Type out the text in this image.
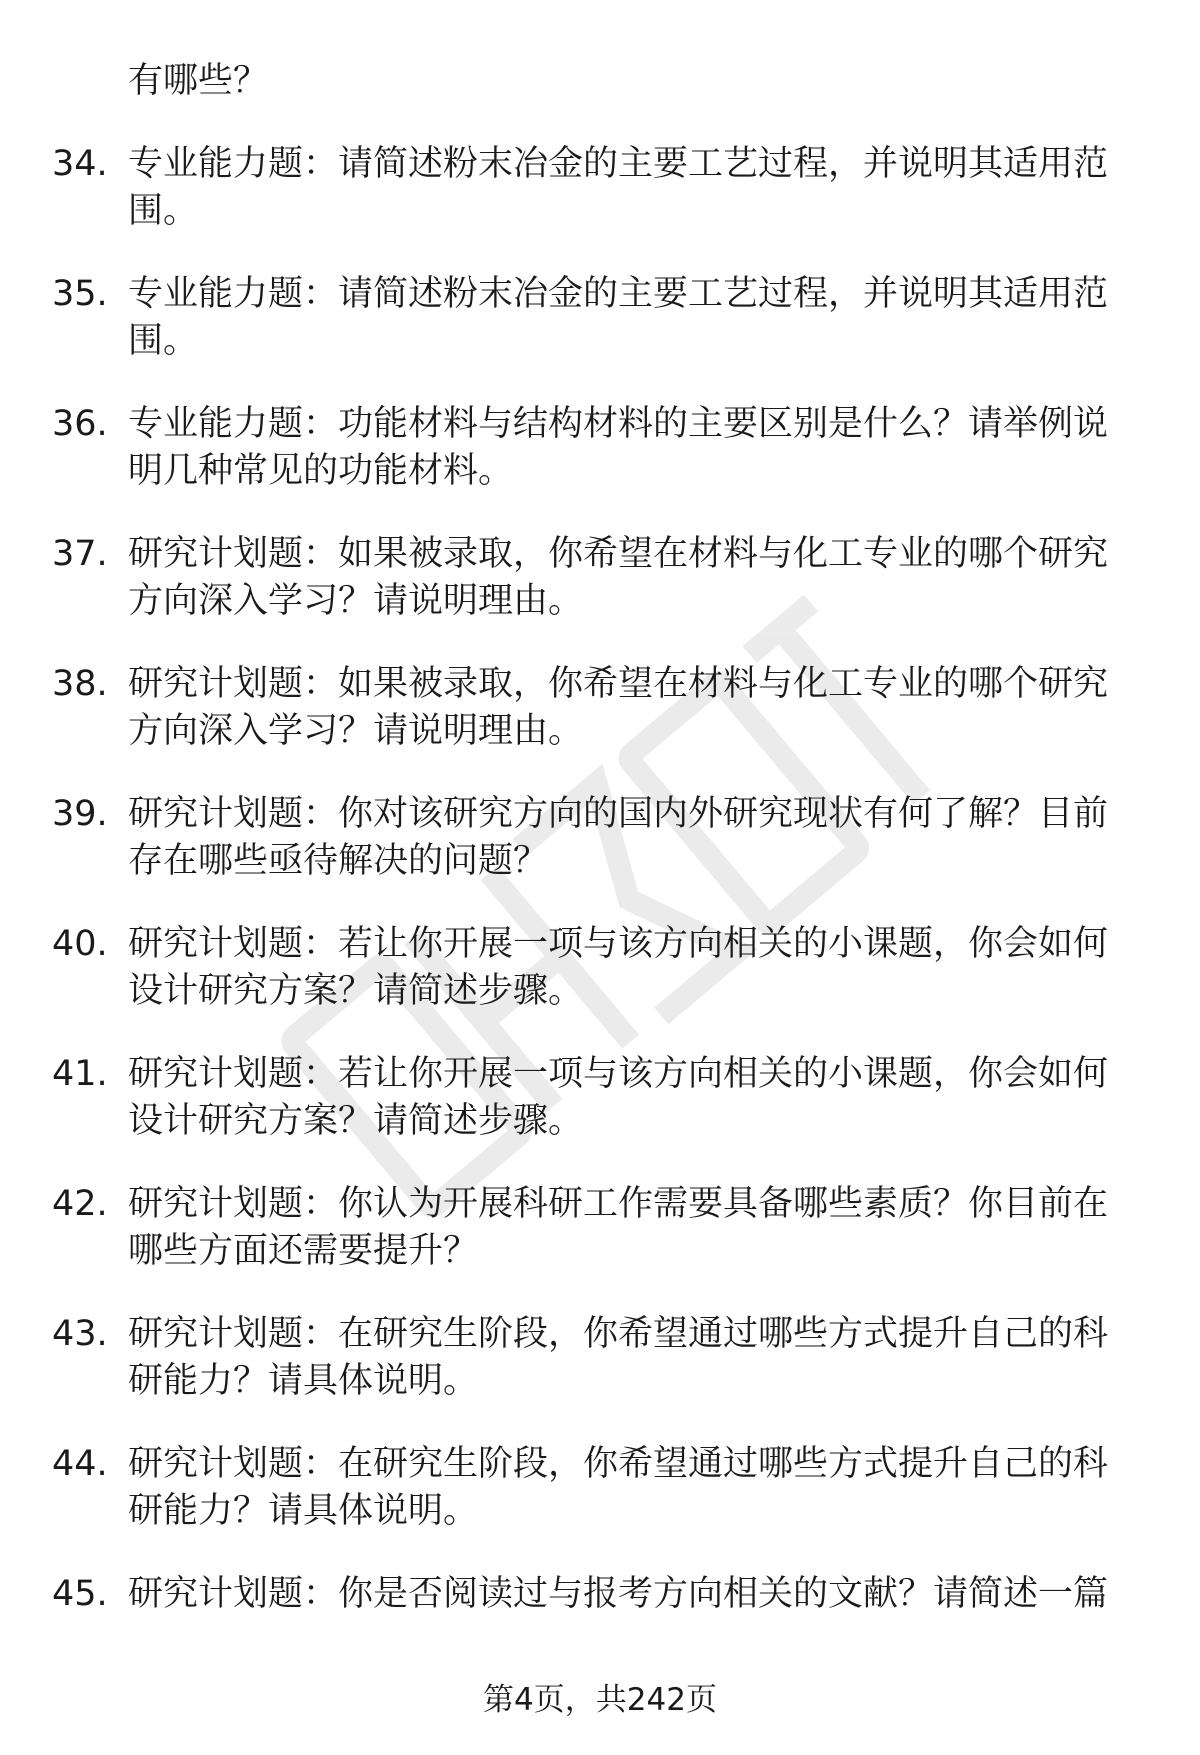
有哪些？
34. 专业能力题：请简述粉末冶金的主要工艺过程，并说明其适用范围。
35. 专业能力题：请简述粉末冶金的主要工艺过程，并说明其适用范围。
36. 专业能力题：功能材料与结构材料的主要区别是什么？请举例说明几种常见的功能材料。
37. 研究计划题：如果被录取，你希望在材料与化工专业的哪个研究方向深入学习？请说明理由。
38. 研究计划题：如果被录取，你希望在材料与化工专业的哪个研究方向深入学习？请说明理由。
39. 研究计划题：你对该研究方向的国内外研究现状有何了解？目前存在哪些亟待解决的问题？
40. 研究计划题：若让你开展一项与该方向相关的小课题，你会如何设计研究方案？请简述步骤。
41. 研究计划题：若让你开展一项与该方向相关的小课题，你会如何设计研究方案？请简述步骤。
42. 研究计划题：你认为开展科研工作需要具备哪些素质？你目前在哪些方面还需要提升？
43. 研究计划题：在研究生阶段，你希望通过哪些方式提升自己的科研能力？请具体说明。
44. 研究计划题：在研究生阶段，你希望通过哪些方式提升自己的科研能力？请具体说明。
45. 研究计划题：你是否阅读过与报考方向相关的文献？请简述一篇
第4页，共242页
